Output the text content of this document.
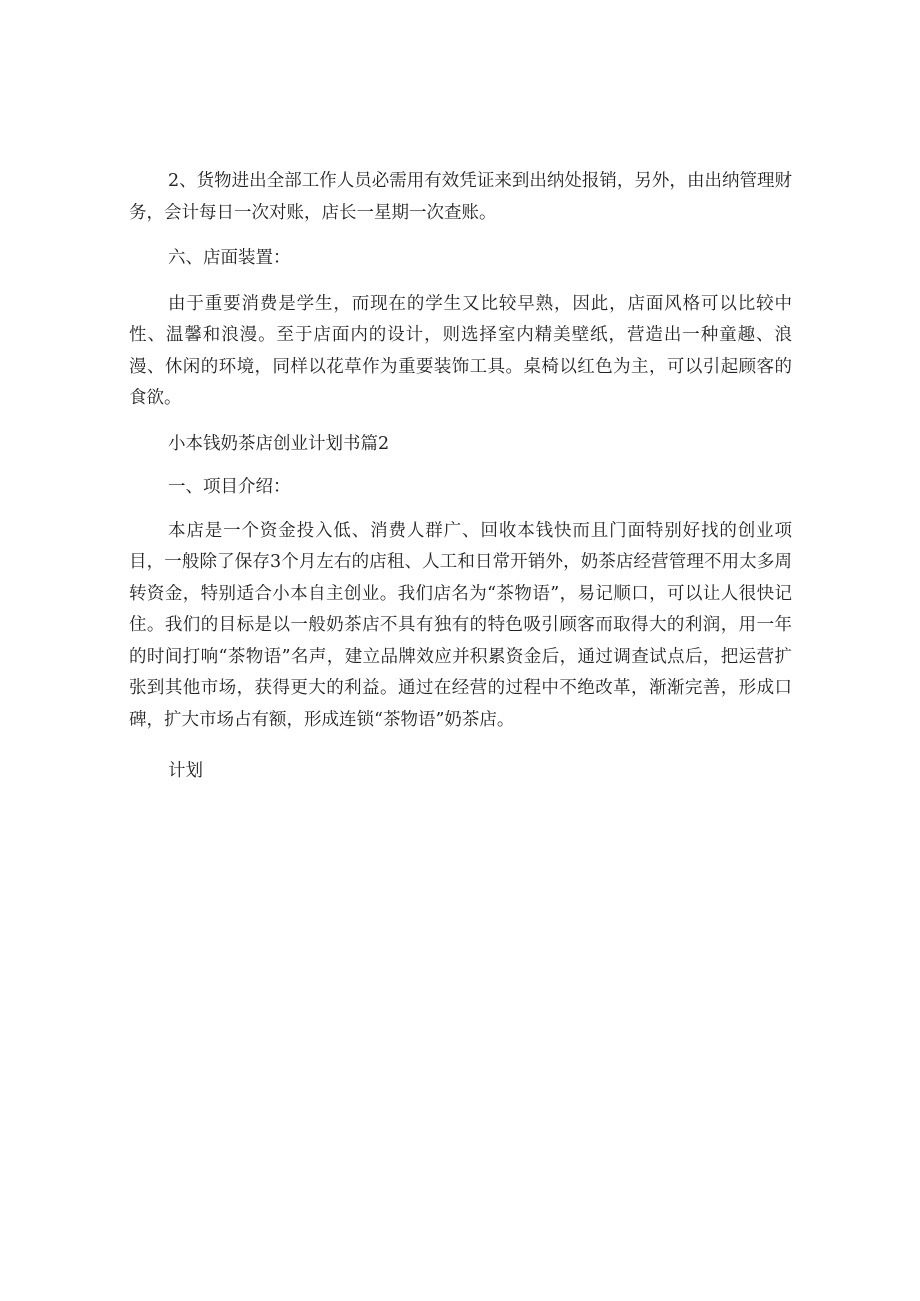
2、货物进出全部工作人员必需用有效凭证来到出纳处报销，另外，由出纳管理财务，会计每日一次对账，店长一星期一次查账。

六、店面装置：

由于重要消费是学生，而现在的学生又比较早熟，因此，店面风格可以比较中性、温馨和浪漫。至于店面内的设计，则选择室内精美壁纸，营造出一种童趣、浪漫、休闲的环境，同样以花草作为重要装饰工具。桌椅以红色为主，可以引起顾客的食欲。

小本钱奶茶店创业计划书篇2

一、项目介绍：

本店是一个资金投入低、消费人群广、回收本钱快而且门面特别好找的创业项目，一般除了保存3个月左右的店租、人工和日常开销外，奶茶店经营管理不用太多周转资金，特别适合小本自主创业。我们店名为“茶物语”，易记顺口，可以让人很快记住。我们的目标是以一般奶茶店不具有独有的特色吸引顾客而取得大的利润，用一年的时间打响“茶物语”名声，建立品牌效应并积累资金后，通过调查试点后，把运营扩张到其他市场，获得更大的利益。通过在经营的过程中不绝改革，渐渐完善，形成口碑，扩大市场占有额，形成连锁“茶物语”奶茶店。

计划
